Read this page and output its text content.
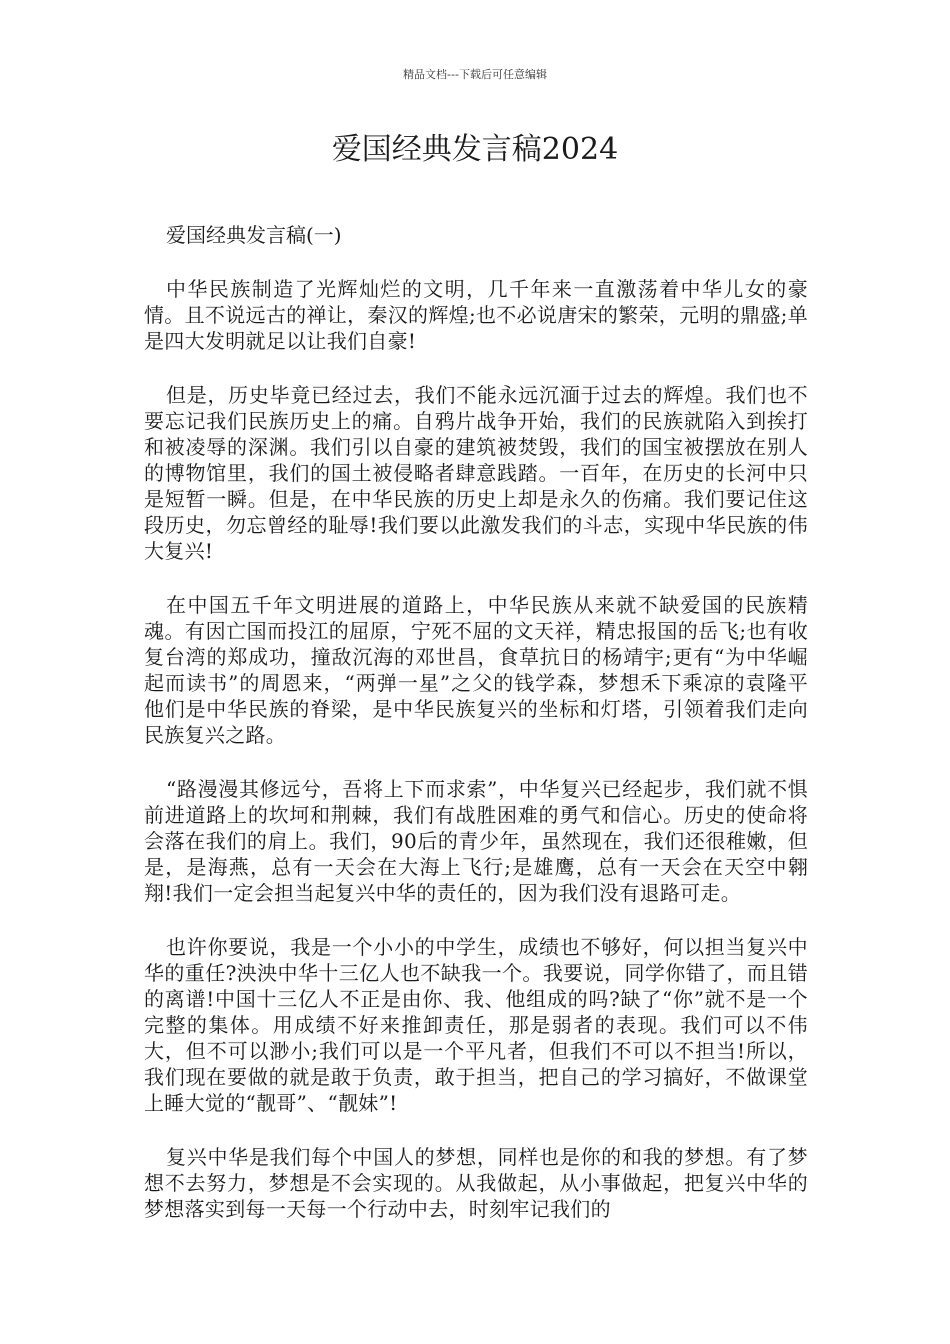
精品文档---下载后可任意编辑
爱国经典发言稿2024

爱国经典发言稿(一)

中华民族制造了光辉灿烂的文明，几千年来一直激荡着中华儿女的豪情。且不说远古的禅让，秦汉的辉煌;也不必说唐宋的繁荣，元明的鼎盛;单是四大发明就足以让我们自豪!

但是，历史毕竟已经过去，我们不能永远沉湎于过去的辉煌。我们也不要忘记我们民族历史上的痛。自鸦片战争开始，我们的民族就陷入到挨打和被凌辱的深渊。我们引以自豪的建筑被焚毁，我们的国宝被摆放在别人的博物馆里，我们的国土被侵略者肆意践踏。一百年，在历史的长河中只是短暂一瞬。但是，在中华民族的历史上却是永久的伤痛。我们要记住这段历史，勿忘曾经的耻辱!我们要以此激发我们的斗志，实现中华民族的伟大复兴!

在中国五千年文明进展的道路上，中华民族从来就不缺爱国的民族精魂。有因亡国而投江的屈原，宁死不屈的文天祥，精忠报国的岳飞;也有收复台湾的郑成功，撞敌沉海的邓世昌，食草抗日的杨靖宇;更有“为中华崛起而读书”的周恩来，“两弹一星”之父的钱学森，梦想禾下乘凉的袁隆平 他们是中华民族的脊梁，是中华民族复兴的坐标和灯塔，引领着我们走向民族复兴之路。

“路漫漫其修远兮，吾将上下而求索”，中华复兴已经起步，我们就不惧前进道路上的坎坷和荆棘，我们有战胜困难的勇气和信心。历史的使命将会落在我们的肩上。我们，90后的青少年，虽然现在，我们还很稚嫩，但是，是海燕，总有一天会在大海上飞行;是雄鹰，总有一天会在天空中翱翔!我们一定会担当起复兴中华的责任的，因为我们没有退路可走。

也许你要说，我是一个小小的中学生，成绩也不够好，何以担当复兴中华的重任?泱泱中华十三亿人也不缺我一个。我要说，同学你错了，而且错的离谱!中国十三亿人不正是由你、我、他组成的吗?缺了“你”就不是一个完整的集体。用成绩不好来推卸责任，那是弱者的表现。我们可以不伟大，但不可以渺小;我们可以是一个平凡者，但我们不可以不担当!所以，我们现在要做的就是敢于负责，敢于担当，把自己的学习搞好，不做课堂上睡大觉的“靓哥”、“靓妹”!

复兴中华是我们每个中国人的梦想，同样也是你的和我的梦想。有了梦想不去努力，梦想是不会实现的。从我做起，从小事做起，把复兴中华的梦想落实到每一天每一个行动中去，时刻牢记我们的
